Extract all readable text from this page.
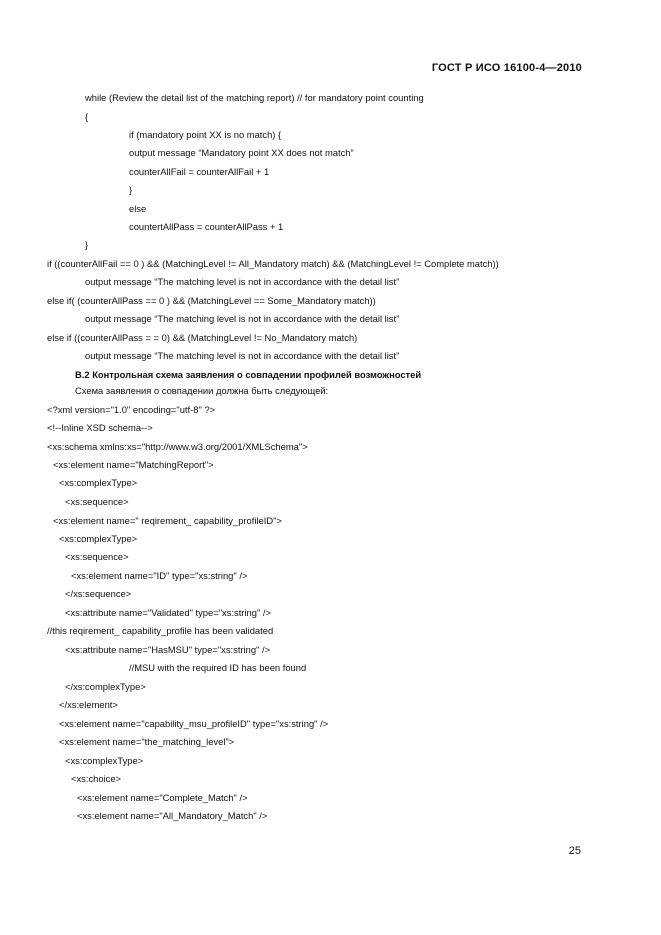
ГОСТ Р ИСО 16100-4—2010
while (Review the detail list of the matching report) // for mandatory point counting
{
if (mandatory point XX is no match) {
output message “Mandatory point XX does not match”
counterAllFail = counterAllFail + 1
}
else
countertAllPass = counterAllPass + 1
}
if ((counterAllFail == 0 ) && (MatchingLevel != All_Mandatory match) && (MatchingLevel != Complete match))
output message “The matching level is not in accordance with the detail list”
else if( (counterAllPass == 0 ) && (MatchingLevel == Some_Mandatory match))
output message “The matching level is not in accordance with the detail list”
else if ((counterAllPass = = 0) && (MatchingLevel != No_Mandatory match)
output message “The matching level is not in accordance with the detail list”
B.2 Контрольная схема заявления о совпадении профилей возможностей
Схема заявления о совпадении должна быть следующей:
<?xml version="1.0" encoding="utf-8" ?>
<!--Inline XSD schema-->
<xs:schema xmlns:xs="http://www.w3.org/2001/XMLSchema">
<xs:element name="MatchingReport">
<xs:complexType>
<xs:sequence>
<xs:element name=" reqirement_ capability_profileID">
<xs:complexType>
<xs:sequence>
<xs:element name="ID" type="xs:string" />
</xs:sequence>
<xs:attribute name="Validated" type="xs:string" />
//this reqirement_ capability_profile has been validated
<xs:attribute name="HasMSU" type="xs:string" />
//MSU with the required ID has been found
</xs:complexType>
</xs:element>
<xs:element name="capability_msu_profileID" type="xs:string" />
<xs:element name="the_matching_level">
<xs:complexType>
<xs:choice>
<xs:element name="Complete_Match" />
<xs:element name="All_Mandatory_Match" />
25
